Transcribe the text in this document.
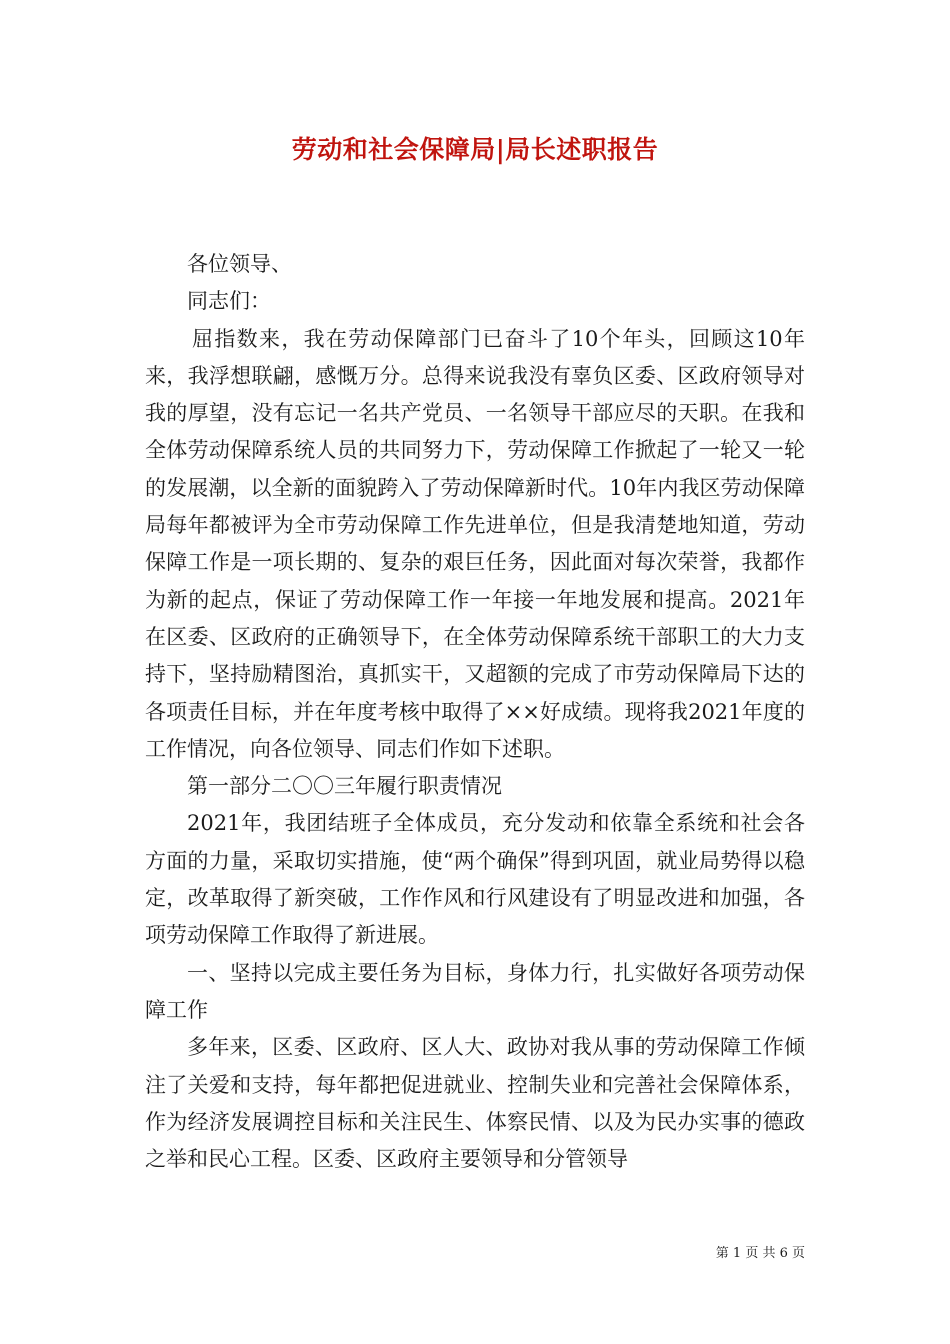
劳动和社会保障局|局长述职报告

各位领导、

同志们：

屈指数来，我在劳动保障部门已奋斗了10个年头，回顾这10年来，我浮想联翩，感慨万分。总得来说我没有辜负区委、区政府领导对我的厚望，没有忘记一名共产党员、一名领导干部应尽的天职。在我和全体劳动保障系统人员的共同努力下，劳动保障工作掀起了一轮又一轮的发展潮，以全新的面貌跨入了劳动保障新时代。10年内我区劳动保障局每年都被评为全市劳动保障工作先进单位，但是我清楚地知道，劳动保障工作是一项长期的、复杂的艰巨任务，因此面对每次荣誉，我都作为新的起点，保证了劳动保障工作一年接一年地发展和提高。2021年在区委、区政府的正确领导下，在全体劳动保障系统干部职工的大力支持下，坚持励精图治，真抓实干，又超额的完成了市劳动保障局下达的各项责任目标，并在年度考核中取得了××好成绩。现将我2021年度的工作情况，向各位领导、同志们作如下述职。

第一部分二〇〇三年履行职责情况

2021年，我团结班子全体成员，充分发动和依靠全系统和社会各方面的力量，采取切实措施，使“两个确保”得到巩固，就业局势得以稳定，改革取得了新突破，工作作风和行风建设有了明显改进和加强，各项劳动保障工作取得了新进展。

一、坚持以完成主要任务为目标，身体力行，扎实做好各项劳动保障工作

多年来，区委、区政府、区人大、政协对我从事的劳动保障工作倾注了关爱和支持，每年都把促进就业、控制失业和完善社会保障体系，作为经济发展调控目标和关注民生、体察民情、以及为民办实事的德政之举和民心工程。区委、区政府主要领导和分管领导

第 1 页 共 6 页
